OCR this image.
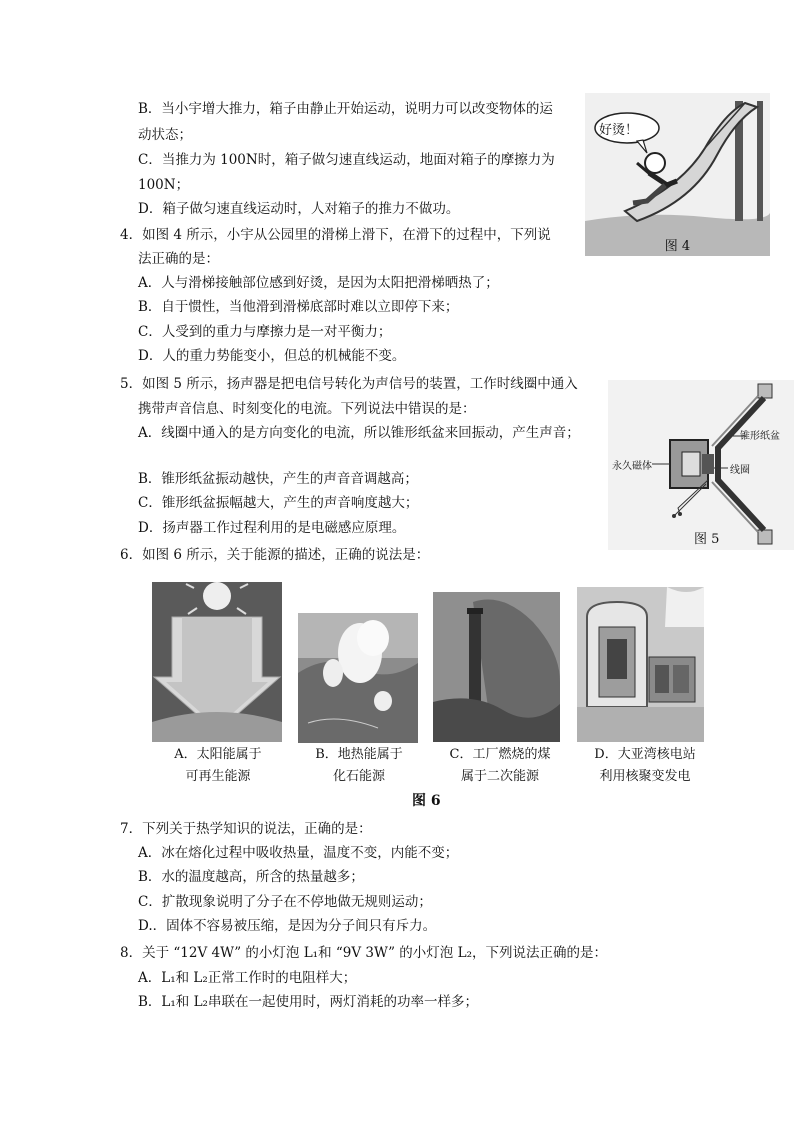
B．当小宇增大推力，箱子由静止开始运动，说明力可以改变物体的运
动状态；
C．当推力为 100N时，箱子做匀速直线运动，地面对箱子的摩擦力为
100N；
D．箱子做匀速直线运动时，人对箱子的推力不做功。
4．如图 4 所示，小宇从公园里的滑梯上滑下，在滑下的过程中，下列说
法正确的是：
A．人与滑梯接触部位感到好烫，是因为太阳把滑梯晒热了；
B．自于惯性，当他滑到滑梯底部时难以立即停下来；
C．人受到的重力与摩擦力是一对平衡力；
D．人的重力势能变小，但总的机械能不变。
好烫！
图 4
5．如图 5 所示，扬声器是把电信号转化为声信号的装置，工作时线圈中通入
携带声音信息、时刻变化的电流。下列说法中错误的是：
A．线圈中通入的是方向变化的电流，所以锥形纸盆来回振动，产生声音；
B．锥形纸盆振动越快，产生的声音音调越高；
C．锥形纸盆振幅越大，产生的声音响度越大；
D．扬声器工作过程利用的是电磁感应原理。
锥形纸盆
永久磁体	线圈
图 5
6．如图 6 所示，关于能源的描述，正确的说法是：
A．太阳能属于
可再生能源
B．地热能属于
化石能源
C．工厂燃烧的煤
属于二次能源
D．大亚湾核电站
利用核聚变发电
图 6
7．下列关于热学知识的说法，正确的是：
A．冰在熔化过程中吸收热量，温度不变，内能不变；
B．水的温度越高，所含的热量越多；
C．扩散现象说明了分子在不停地做无规则运动；
D.．固体不容易被压缩，是因为分子间只有斥力。
8．关于 “12V 4W” 的小灯泡 L₁和 “9V 3W” 的小灯泡 L₂，下列说法正确的是：
A．L₁和 L₂正常工作时的电阻样大；
B．L₁和 L₂串联在一起使用时，两灯消耗的功率一样多；
